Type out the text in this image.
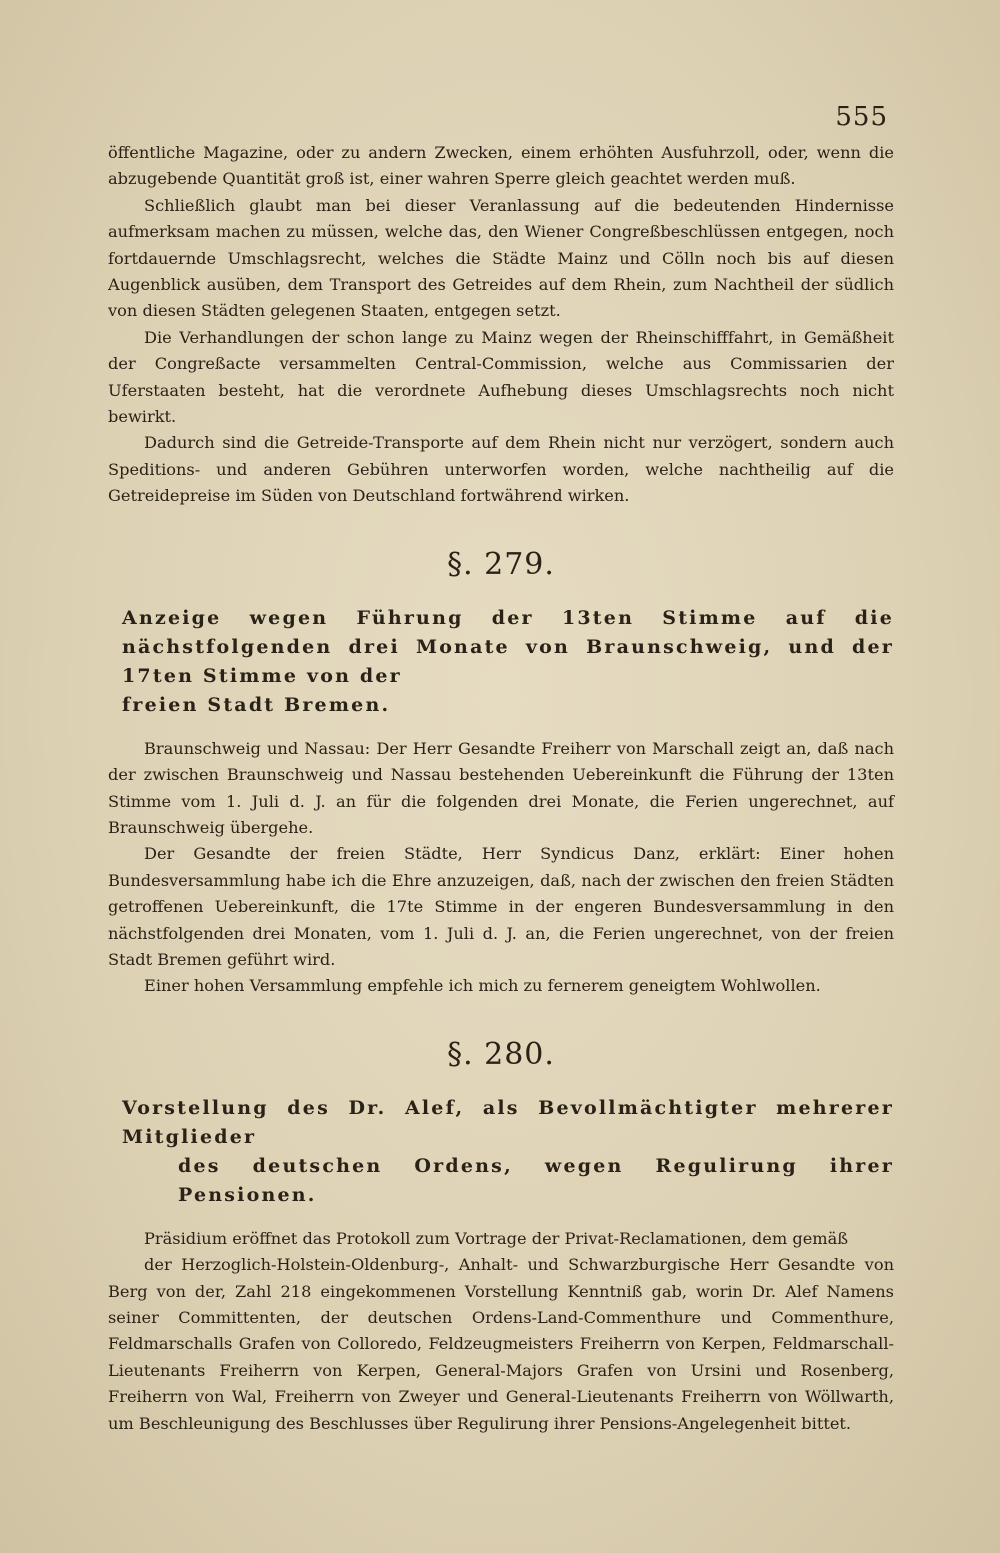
555

öffentliche Magazine, oder zu andern Zwecken, einem erhöhten Ausfuhrzoll, oder, wenn die abzugebende Quantität groß ist, einer wahren Sperre gleich geachtet werden muß.

Schließlich glaubt man bei dieser Veranlassung auf die bedeutenden Hindernisse aufmerksam machen zu müssen, welche das, den Wiener Congreßbeschlüssen entgegen, noch fortdauernde Umschlagsrecht, welches die Städte Mainz und Cölln noch bis auf diesen Augenblick ausüben, dem Transport des Getreides auf dem Rhein, zum Nachtheil der südlich von diesen Städten gelegenen Staaten, entgegen setzt.

Die Verhandlungen der schon lange zu Mainz wegen der Rheinschifffahrt, in Gemäßheit der Congreßacte versammelten Central-Commission, welche aus Commissarien der Uferstaaten besteht, hat die verordnete Aufhebung dieses Umschlagsrechts noch nicht bewirkt.

Dadurch sind die Getreide-Transporte auf dem Rhein nicht nur verzögert, sondern auch Speditions- und anderen Gebühren unterworfen worden, welche nachtheilig auf die Getreidepreise im Süden von Deutschland fortwährend wirken.

§. 279.

Anzeige wegen Führung der 13ten Stimme auf die nächstfolgenden drei Monate von Braunschweig, und der 17ten Stimme von der
freien Stadt Bremen.

Braunschweig und Nassau: Der Herr Gesandte Freiherr von Marschall zeigt an, daß nach der zwischen Braunschweig und Nassau bestehenden Uebereinkunft die Führung der 13ten Stimme vom 1. Juli d. J. an für die folgenden drei Monate, die Ferien ungerechnet, auf Braunschweig übergehe.

Der Gesandte der freien Städte, Herr Syndicus Danz, erklärt: Einer hohen Bundesversammlung habe ich die Ehre anzuzeigen, daß, nach der zwischen den freien Städten getroffenen Uebereinkunft, die 17te Stimme in der engeren Bundesversammlung in den nächstfolgenden drei Monaten, vom 1. Juli d. J. an, die Ferien ungerechnet, von der freien Stadt Bremen geführt wird.

Einer hohen Versammlung empfehle ich mich zu fernerem geneigtem Wohlwollen.

§. 280.

Vorstellung des Dr. Alef, als Bevollmächtigter mehrerer Mitglieder
des deutschen Ordens, wegen Regulirung ihrer Pensionen.

Präsidium eröffnet das Protokoll zum Vortrage der Privat-Reclamationen, dem gemäß

der Herzoglich-Holstein-Oldenburg-, Anhalt- und Schwarzburgische Herr Gesandte von Berg von der, Zahl 218 eingekommenen Vorstellung Kenntniß gab, worin Dr. Alef Namens seiner Committenten, der deutschen Ordens-Land-Commenthure und Commenthure, Feldmarschalls Grafen von Colloredo, Feldzeugmeisters Freiherrn von Kerpen, Feldmarschall-Lieutenants Freiherrn von Kerpen, General-Majors Grafen von Ursini und Rosenberg, Freiherrn von Wal, Freiherrn von Zweyer und General-Lieutenants Freiherrn von Wöllwarth, um Beschleunigung des Beschlusses über Regulirung ihrer Pensions-Angelegenheit bittet.
